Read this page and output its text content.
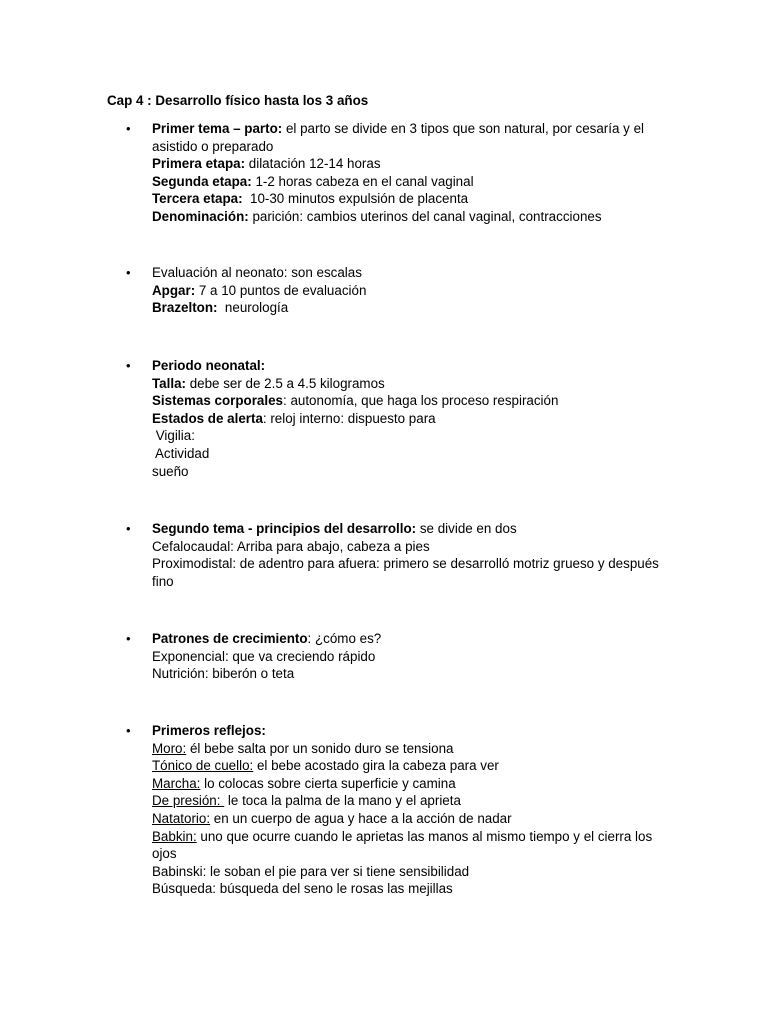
Cap 4 : Desarrollo físico hasta los 3 años
• Primer tema – parto: el parto se divide en 3 tipos que son natural, por cesaría y el asistido o preparado
Primera etapa: dilatación 12-14 horas
Segunda etapa: 1-2 horas cabeza en el canal vaginal
Tercera etapa:  10-30 minutos expulsión de placenta
Denominación: parición: cambios uterinos del canal vaginal, contracciones
• Evaluación al neonato: son escalas
Apgar: 7 a 10 puntos de evaluación
Brazelton:  neurología
• Periodo neonatal:
Talla: debe ser de 2.5 a 4.5 kilogramos
Sistemas corporales: autonomía, que haga los proceso respiración
Estados de alerta: reloj interno: dispuesto para
Vigilia:
Actividad
sueño
• Segundo tema - principios del desarrollo: se divide en dos
Cefalocaudal: Arriba para abajo, cabeza a pies
Proximodistal: de adentro para afuera: primero se desarrolló motriz grueso y después fino
• Patrones de crecimiento: ¿cómo es?
Exponencial: que va creciendo rápido
Nutrición: biberón o teta
• Primeros reflejos:
Moro: él bebe salta por un sonido duro se tensiona
Tónico de cuello: el bebe acostado gira la cabeza para ver
Marcha: lo colocas sobre cierta superficie y camina
De presión:  le toca la palma de la mano y el aprieta
Natatorio: en un cuerpo de agua y hace a la acción de nadar
Babkin: uno que ocurre cuando le aprietas las manos al mismo tiempo y el cierra los ojos
Babinski: le soban el pie para ver si tiene sensibilidad
Búsqueda: búsqueda del seno le rosas las mejillas
